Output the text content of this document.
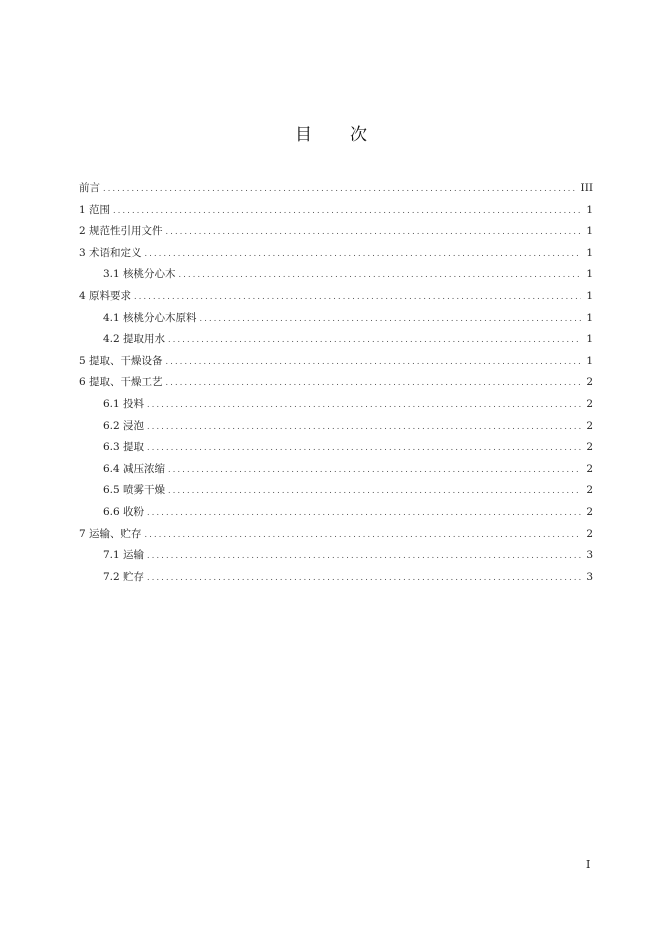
目 次
前言 .....	III
1 范围 .....	1
2 规范性引用文件 .....	1
3 术语和定义 .....	1
3.1 核桃分心木 .....	1
4 原料要求 .....	1
4.1 核桃分心木原料 .....	1
4.2 提取用水 .....	1
5 提取、干燥设备 .....	1
6 提取、干燥工艺 .....	2
6.1 投料 .....	2
6.2 浸泡 .....	2
6.3 提取 .....	2
6.4 减压浓缩 .....	2
6.5 喷雾干燥 .....	2
6.6 收粉 .....	2
7 运输、贮存 .....	2
7.1 运输 .....	3
7.2 贮存 .....	3
I
